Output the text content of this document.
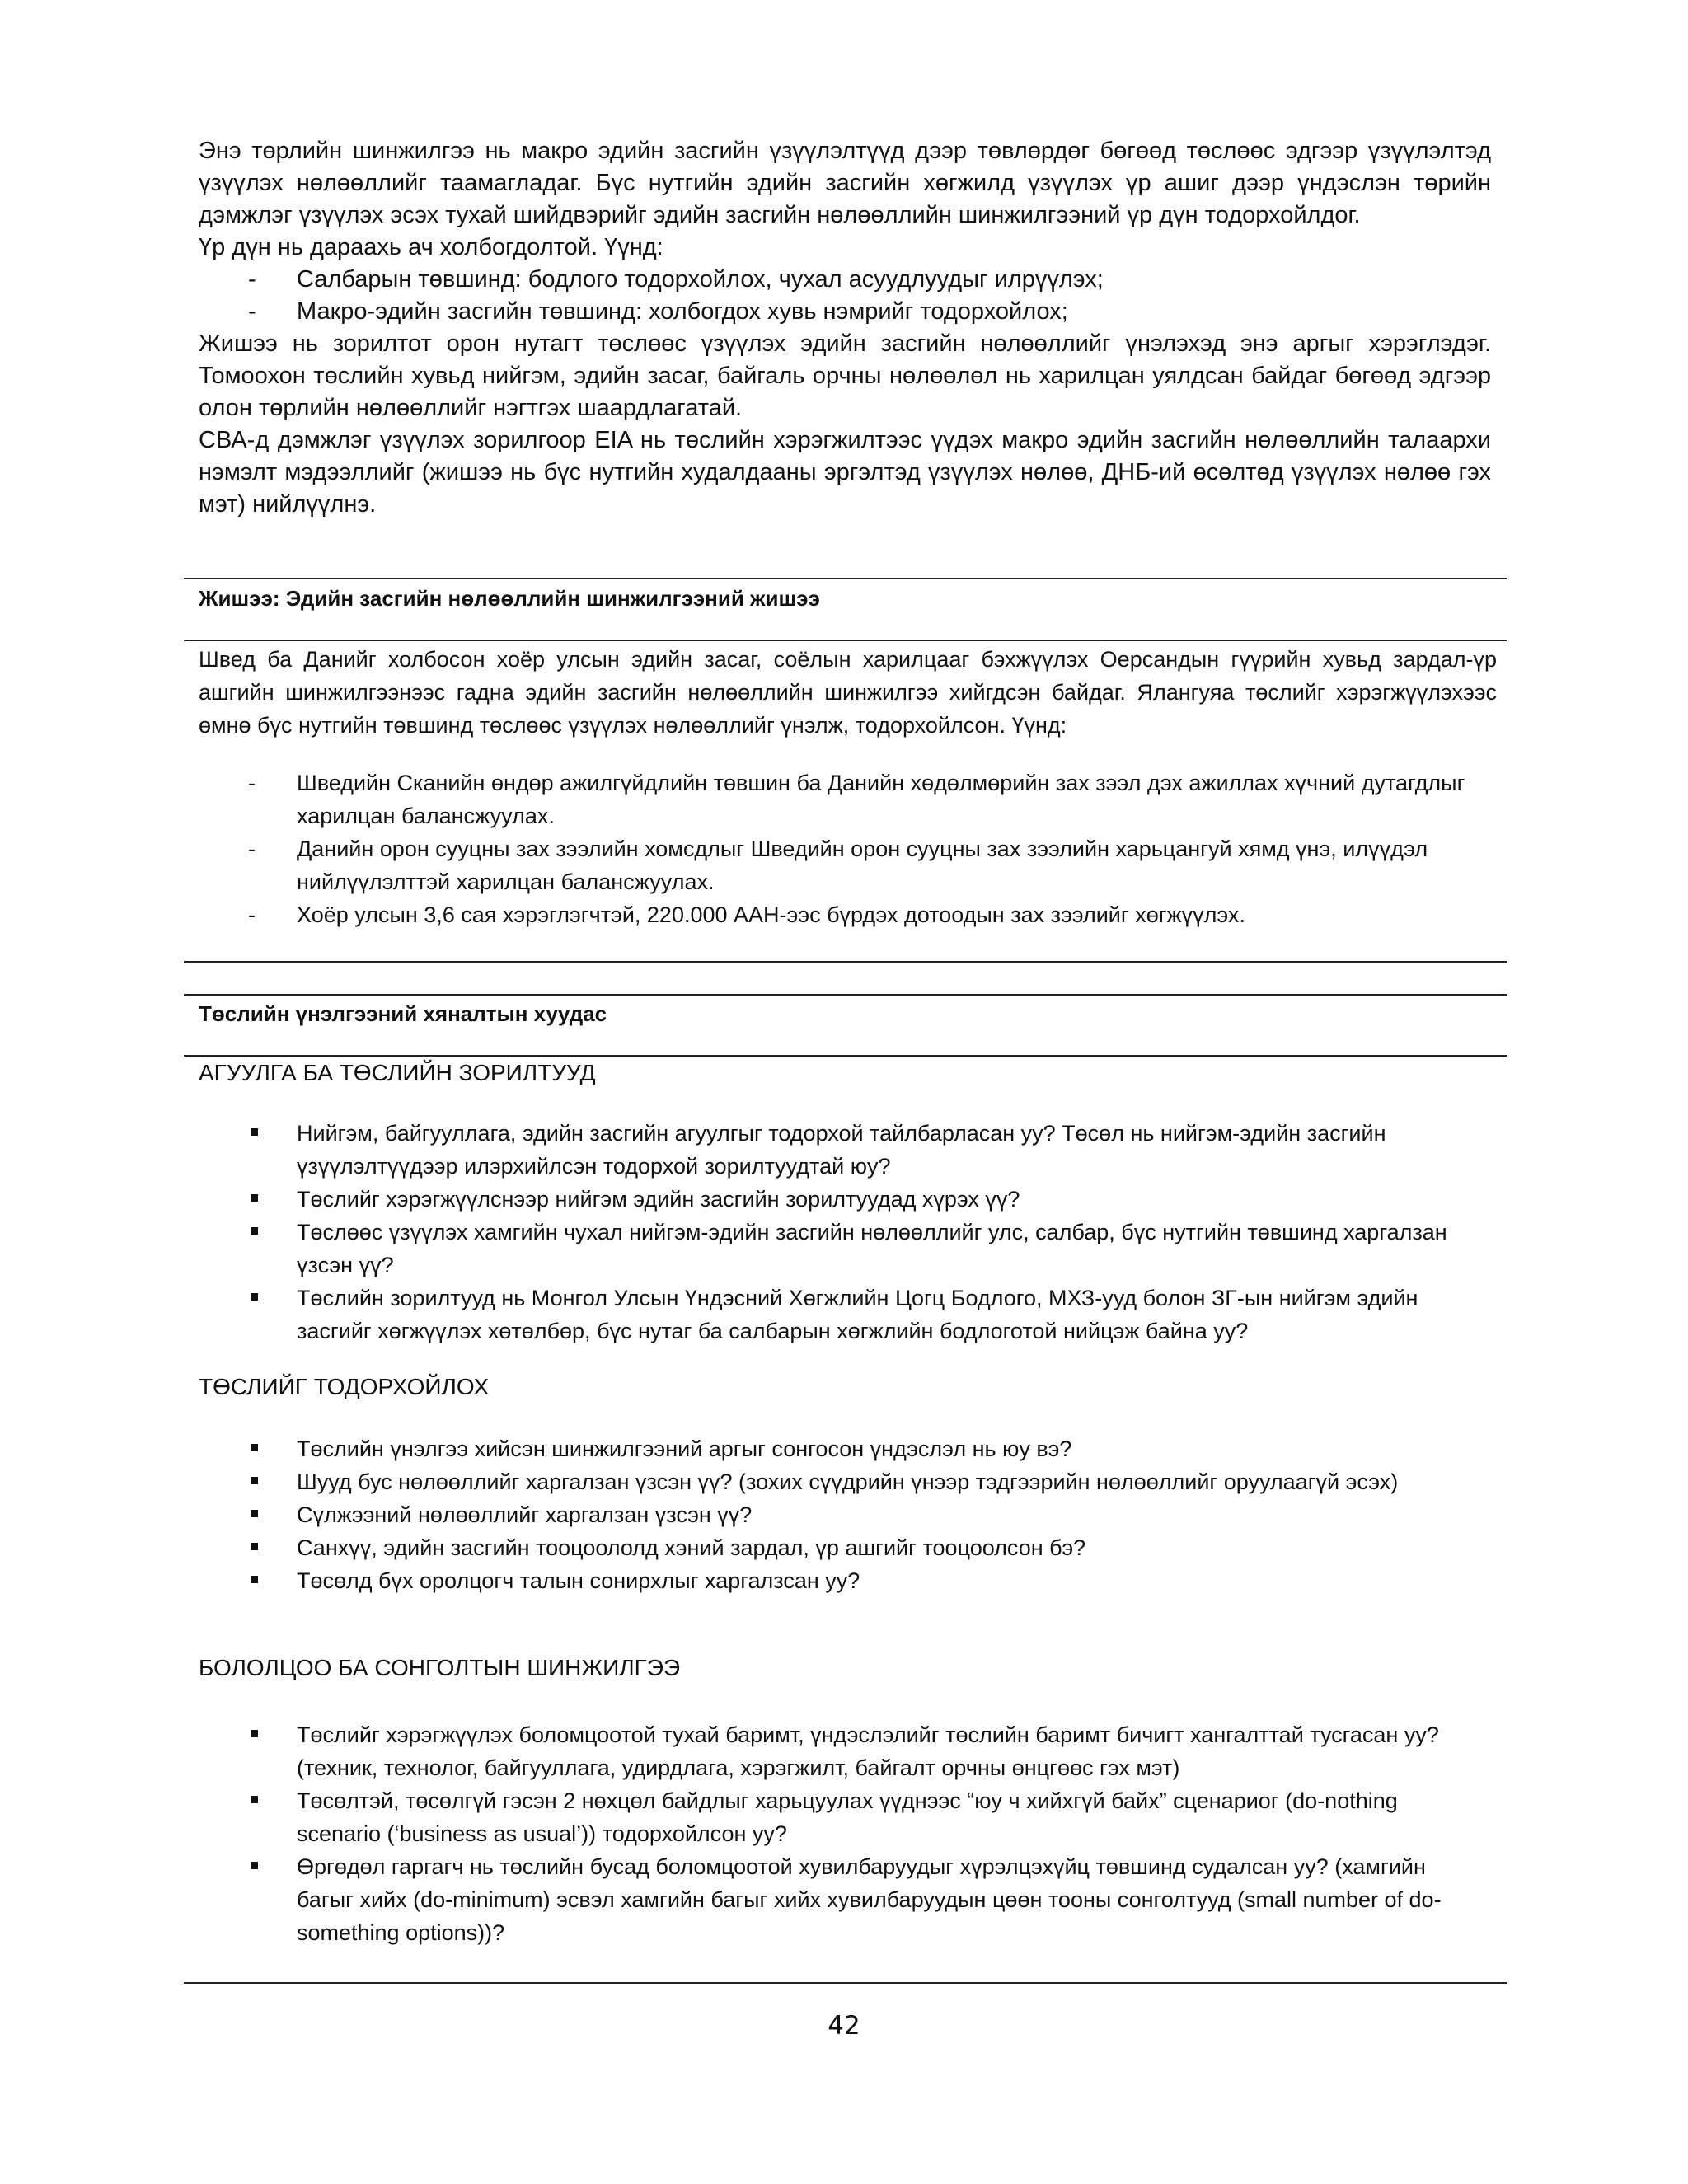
Энэ төрлийн шинжилгээ нь макро эдийн засгийн үзүүлэлтүүд дээр төвлөрдөг бөгөөд төслөөс эдгээр үзүүлэлтэд үзүүлэх нөлөөллийг таамагладаг. Бүс нутгийн эдийн засгийн хөгжилд үзүүлэх үр ашиг дээр үндэслэн төрийн дэмжлэг үзүүлэх эсэх тухай шийдвэрийг эдийн засгийн нөлөөллийн шинжилгээний үр дүн тодорхойлдог.

Үр дүн нь дараахь ач холбогдолтой. Үүнд:

- Салбарын төвшинд: бодлого тодорхойлох, чухал асуудлуудыг илрүүлэх;
- Макро-эдийн засгийн төвшинд: холбогдох хувь нэмрийг тодорхойлох;

Жишээ нь зорилтот орон нутагт төслөөс үзүүлэх эдийн засгийн нөлөөллийг үнэлэхэд энэ аргыг хэрэглэдэг. Томоохон төслийн хувьд нийгэм, эдийн засаг, байгаль орчны нөлөөлөл нь харилцан уялдсан байдаг бөгөөд эдгээр олон төрлийн нөлөөллийг нэгтгэх шаардлагатай.

СВА-д дэмжлэг үзүүлэх зорилгоор EIA нь төслийн хэрэгжилтээс үүдэх макро эдийн засгийн нөлөөллийн талаархи нэмэлт мэдээллийг (жишээ нь бүс нутгийн худалдааны эргэлтэд үзүүлэх нөлөө, ДНБ-ий өсөлтөд үзүүлэх нөлөө гэх мэт) нийлүүлнэ.

Жишээ: Эдийн засгийн нөлөөллийн шинжилгээний жишээ

Швед ба Данийг холбосон хоёр улсын эдийн засаг, соёлын харилцааг бэхжүүлэх Оерсандын гүүрийн хувьд зардал-үр ашгийн шинжилгээнээс гадна эдийн засгийн нөлөөллийн шинжилгээ хийгдсэн байдаг. Ялангуяа төслийг хэрэгжүүлэхээс өмнө бүс нутгийн төвшинд төслөөс үзүүлэх нөлөөллийг үнэлж, тодорхойлсон. Үүнд:

- Шведийн Сканийн өндөр ажилгүйдлийн төвшин ба Данийн хөдөлмөрийн зах зээл дэх ажиллах хүчний дутагдлыг харилцан балансжуулах.
- Данийн орон сууцны зах зээлийн хомсдлыг Шведийн орон сууцны зах зээлийн харьцангуй хямд үнэ, илүүдэл нийлүүлэлттэй харилцан балансжуулах.
- Хоёр улсын 3,6 сая хэрэглэгчтэй, 220.000 ААН-ээс бүрдэх дотоодын зах зээлийг хөгжүүлэх.
Төслийн үнэлгээний хяналтын хуудас
АГУУЛГА БА ТӨСЛИЙН ЗОРИЛТУУД
Нийгэм, байгууллага, эдийн засгийн агуулгыг тодорхой тайлбарласан уу? Төсөл нь нийгэм-эдийн засгийн үзүүлэлтүүдээр илэрхийлсэн тодорхой зорилтуудтай юу?
Төслийг хэрэгжүүлснээр нийгэм эдийн засгийн зорилтуудад хүрэх үү?
Төслөөс үзүүлэх хамгийн чухал нийгэм-эдийн засгийн нөлөөллийг улс, салбар, бүс нутгийн төвшинд харгалзан үзсэн үү?
Төслийн зорилтууд нь Монгол Улсын Үндэсний Хөгжлийн Цогц Бодлого, МХЗ-ууд болон ЗГ-ын нийгэм эдийн засгийг хөгжүүлэх хөтөлбөр, бүс нутаг ба салбарын хөгжлийн бодлоготой нийцэж байна уу?
ТӨСЛИЙГ ТОДОРХОЙЛОХ
Төслийн үнэлгээ хийсэн шинжилгээний аргыг сонгосон үндэслэл нь юу вэ?
Шууд бус нөлөөллийг харгалзан үзсэн үү? (зохих сүүдрийн үнээр тэдгээрийн нөлөөллийг оруулаагүй эсэх)
Сүлжээний нөлөөллийг харгалзан үзсэн үү?
Санхүү, эдийн засгийн тооцоололд хэний зардал, үр ашгийг тооцоолсон бэ?
Төсөлд бүх оролцогч талын сонирхлыг харгалзсан уу?
БОЛОЛЦОО БА СОНГОЛТЫН ШИНЖИЛГЭЭ
Төслийг хэрэгжүүлэх боломцоотой тухай баримт, үндэслэлийг төслийн баримт бичигт хангалттай тусгасан уу? (техник, технолог, байгууллага, удирдлага, хэрэгжилт, байгалт орчны өнцгөөс гэх мэт)
Төсөлтэй, төсөлгүй гэсэн 2 нөхцөл байдлыг харьцуулах үүднээс “юу ч хийхгүй байх” сценариог (do-nothing scenario (‘business as usual’)) тодорхойлсон уу?
Өргөдөл гаргагч нь төслийн бусад боломцоотой хувилбаруудыг хүрэлцэхүйц төвшинд судалсан уу? (хамгийн багыг хийх (do-minimum) эсвэл хамгийн багыг хийх хувилбаруудын цөөн тооны сонголтууд (small number of do-something options))?
42
